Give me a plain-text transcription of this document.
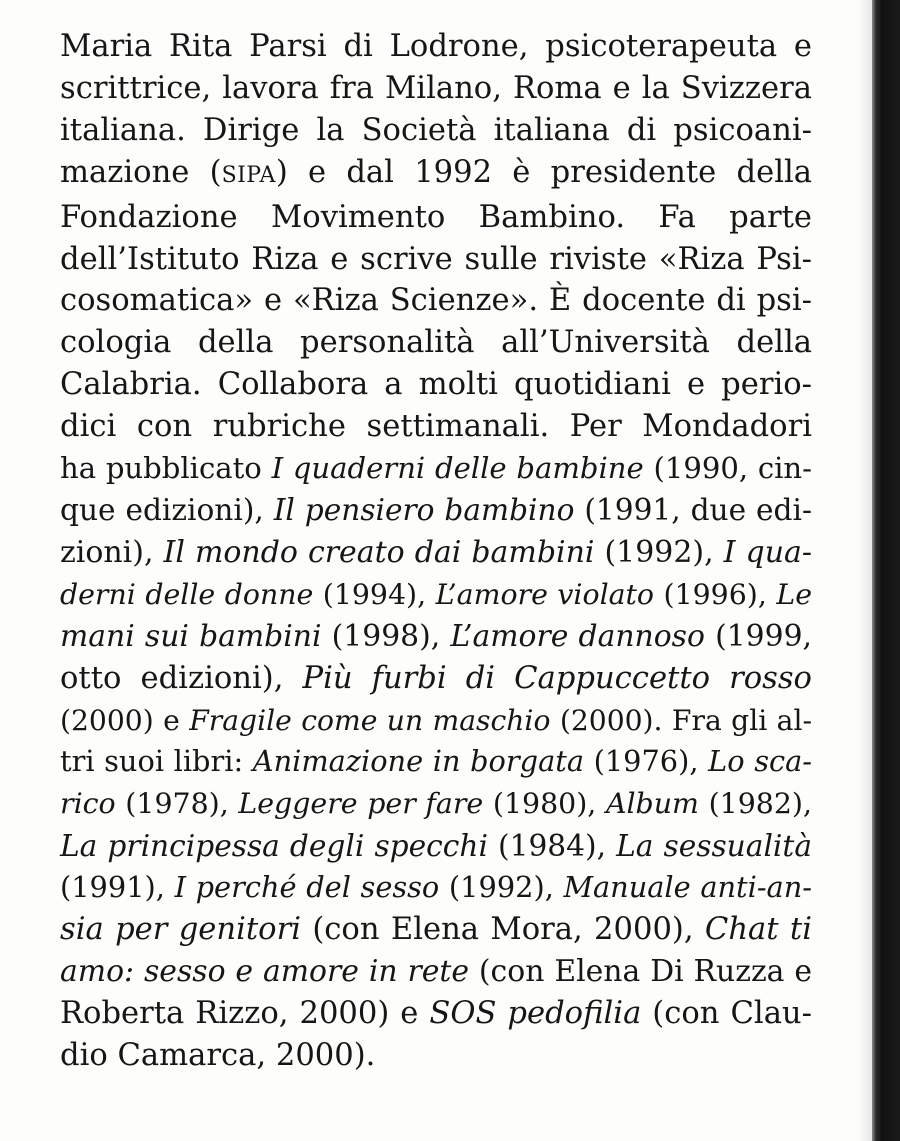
Maria Rita Parsi di Lodrone, psicoterapeuta e
scrittrice, lavora fra Milano, Roma e la Svizzera
italiana. Dirige la Società italiana di psicoani-
mazione (SIPA) e dal 1992 è presidente della
Fondazione Movimento Bambino. Fa parte
dell’Istituto Riza e scrive sulle riviste «Riza Psi-
cosomatica» e «Riza Scienze». È docente di psi-
cologia della personalità all’Università della
Calabria. Collabora a molti quotidiani e perio-
dici con rubriche settimanali. Per Mondadori
ha pubblicato I quaderni delle bambine (1990, cin-
que edizioni), Il pensiero bambino (1991, due edi-
zioni), Il mondo creato dai bambini (1992), I qua-
derni delle donne (1994), L’amore violato (1996), Le
mani sui bambini (1998), L’amore dannoso (1999,
otto edizioni), Più furbi di Cappuccetto rosso
(2000) e Fragile come un maschio (2000). Fra gli al-
tri suoi libri: Animazione in borgata (1976), Lo sca-
rico (1978), Leggere per fare (1980), Album (1982),
La principessa degli specchi (1984), La sessualità
(1991), I perché del sesso (1992), Manuale anti-an-
sia per genitori (con Elena Mora, 2000), Chat ti
amo: sesso e amore in rete (con Elena Di Ruzza e
Roberta Rizzo, 2000) e SOS pedofilia (con Clau-
dio Camarca, 2000).
